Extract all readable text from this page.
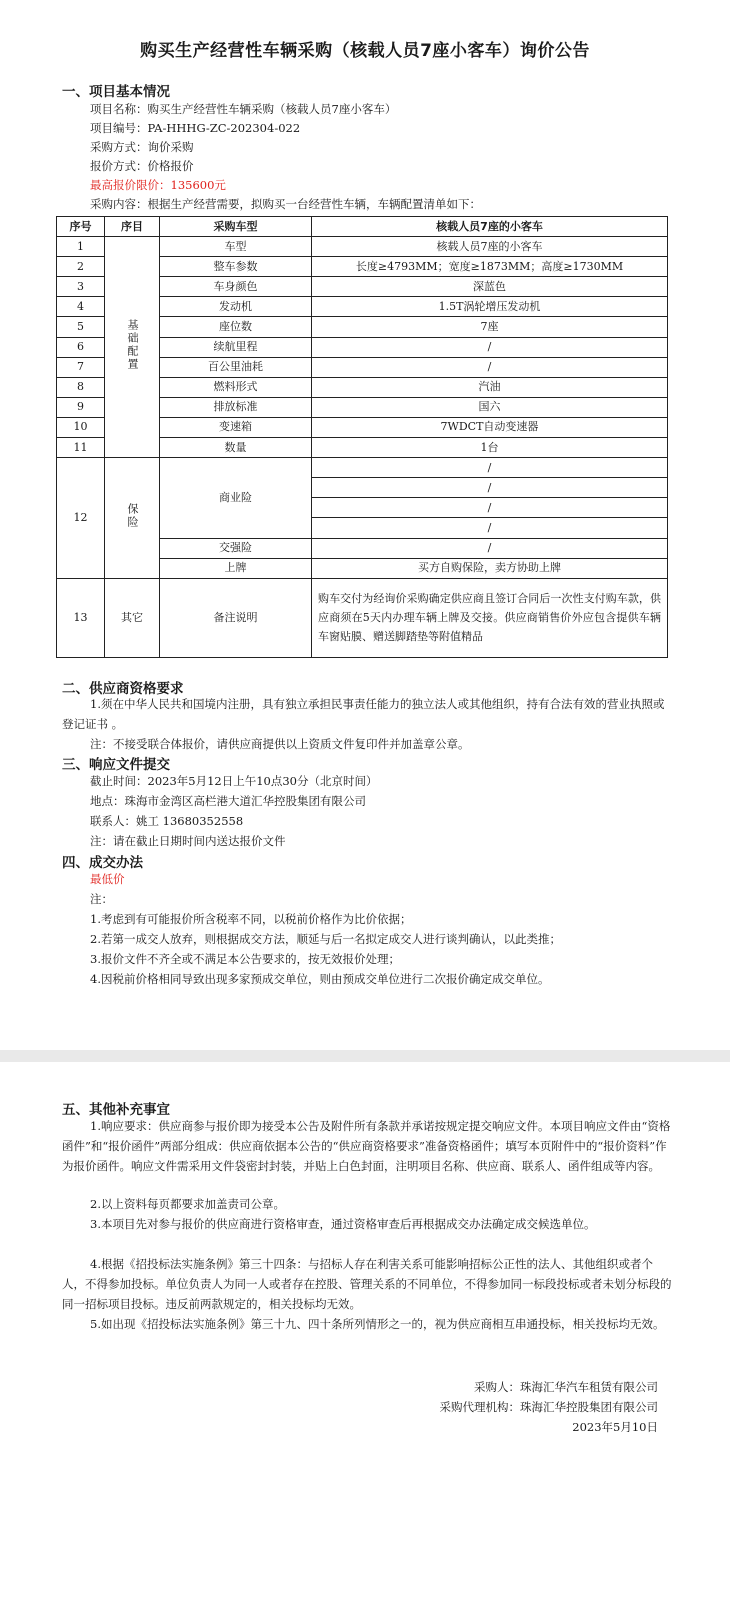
购买生产经营性车辆采购（核载人员7座小客车）询价公告
一、项目基本情况
项目名称：购买生产经营性车辆采购（核载人员7座小客车）
项目编号：PA-HHHG-ZC-202304-022
采购方式：询价采购
报价方式：价格报价
最高报价限价：135600元
采购内容：根据生产经营需要，拟购买一台经营性车辆，车辆配置清单如下：
序号	序目	采购车型	核载人员7座的小客车
1	基础配置	车型	核载人员7座的小客车
2		整车参数	长度≥4793MM；宽度≥1873MM；高度≥1730MM
3		车身颜色	深蓝色
4		发动机	1.5T涡轮增压发动机
5		座位数	7座
6		续航里程	/
7		百公里油耗	/
8		燃料形式	汽油
9		排放标准	国六
10		变速箱	7WDCT自动变速器
11		数量	1台
12	保险	商业险	/
			/
			/
			/
		交强险	/
		上牌	买方自购保险，卖方协助上牌
13	其它	备注说明	购车交付为经询价采购确定供应商且签订合同后一次性支付购车款，供应商须在5天内办理车辆上牌及交接。供应商销售价外应包含提供车辆车窗贴膜、赠送脚踏垫等附值精品
二、供应商资格要求
1.须在中华人民共和国境内注册，具有独立承担民事责任能力的独立法人或其他组织，持有合法有效的营业执照或登记证书 。
注：不接受联合体报价，请供应商提供以上资质文件复印件并加盖章公章。
三、响应文件提交
截止时间：2023年5月12日上午10点30分（北京时间）
地点：珠海市金湾区高栏港大道汇华控股集团有限公司
联系人：姚工 13680352558
注：请在截止日期时间内送达报价文件
四、成交办法
最低价
注：
1.考虑到有可能报价所含税率不同，以税前价格作为比价依据；
2.若第一成交人放弃，则根据成交方法，顺延与后一名拟定成交人进行谈判确认，以此类推；
3.报价文件不齐全或不满足本公告要求的，按无效报价处理；
4.因税前价格相同导致出现多家预成交单位，则由预成交单位进行二次报价确定成交单位。
五、其他补充事宜
1.响应要求：供应商参与报价即为接受本公告及附件所有条款并承诺按规定提交响应文件。本项目响应文件由“资格函件”和“报价函件”两部分组成：供应商依据本公告的“供应商资格要求”准备资格函件；填写本页附件中的“报价资料”作为报价函件。响应文件需采用文件袋密封封装，并贴上白色封面，注明项目名称、供应商、联系人、函件组成等内容。
2.以上资料每页都要求加盖责司公章。
3.本项目先对参与报价的供应商进行资格审查，通过资格审查后再根据成交办法确定成交候选单位。
4.根据《招投标法实施条例》第三十四条：与招标人存在利害关系可能影响招标公正性的法人、其他组织或者个人，不得参加投标。单位负责人为同一人或者存在控股、管理关系的不同单位，不得参加同一标段投标或者未划分标段的同一招标项目投标。违反前两款规定的，相关投标均无效。
5.如出现《招投标法实施条例》第三十九、四十条所列情形之一的，视为供应商相互串通投标，相关投标均无效。
采购人：珠海汇华汽车租赁有限公司
采购代理机构：珠海汇华控股集团有限公司
2023年5月10日
